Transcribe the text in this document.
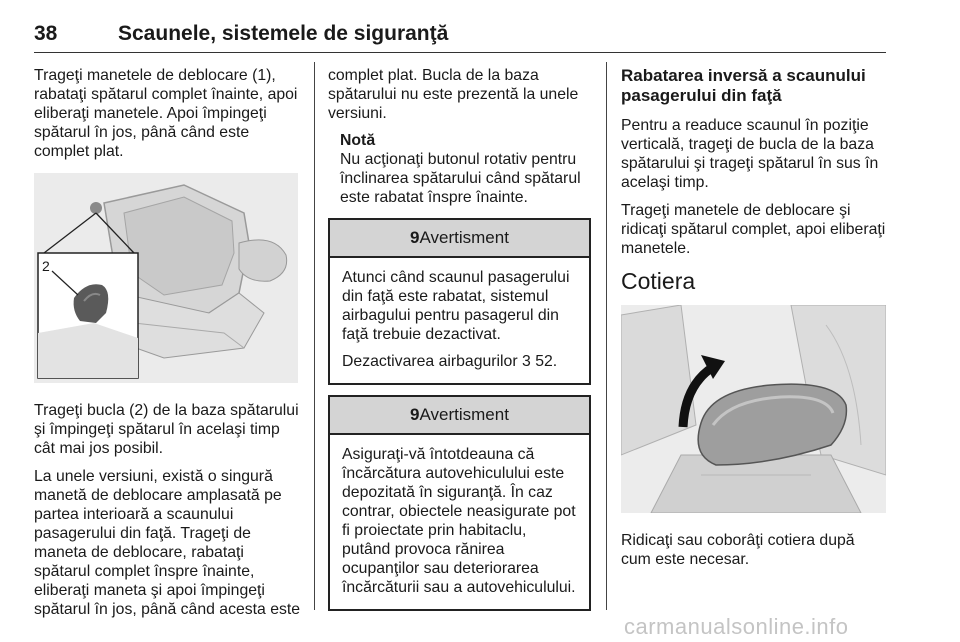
38	Scaunele, sistemele de siguranţă

Trageţi manetele de deblocare (1), rabataţi spătarul complet înainte, apoi eliberaţi manetele. Apoi împingeţi spătarul în jos, până când este complet plat.

2

Trageţi bucla (2) de la baza spătarului şi împingeţi spătarul în acelaşi timp cât mai jos posibil.

La unele versiuni, există o singură manetă de deblocare amplasată pe partea interioară a scaunului pasagerului din faţă. Trageţi de maneta de deblocare, rabataţi spătarul complet înspre înainte, eliberaţi maneta şi apoi împingeţi spătarul în jos, până când acesta este

complet plat. Bucla de la baza spătarului nu este prezentă la unele versiuni.

Notă
Nu acţionaţi butonul rotativ pentru înclinarea spătarului când spătarul este rabatat înspre înainte.
9Avertisment

Atunci când scaunul pasagerului din faţă este rabatat, sistemul airbagului pentru pasagerul din faţă trebuie dezactivat.

Dezactivarea airbagurilor 3 52.

9Avertisment

Asiguraţi-vă întotdeauna că încărcătura autovehiculului este depozitată în siguranţă. În caz contrar, obiectele neasigurate pot fi proiectate prin habitaclu, putând provoca rănirea ocupanţilor sau deteriorarea încărcăturii sau a autovehiculului.

Rabatarea inversă a scaunului pasagerului din faţă

Pentru a readuce scaunul în poziţie verticală, trageţi de bucla de la baza spătarului şi trageţi spătarul în sus în acelaşi timp.

Trageţi manetele de deblocare şi ridicaţi spătarul complet, apoi eliberaţi manetele.

Cotiera

Ridicaţi sau coborâţi cotiera după cum este necesar.

carmanualsonline.info
